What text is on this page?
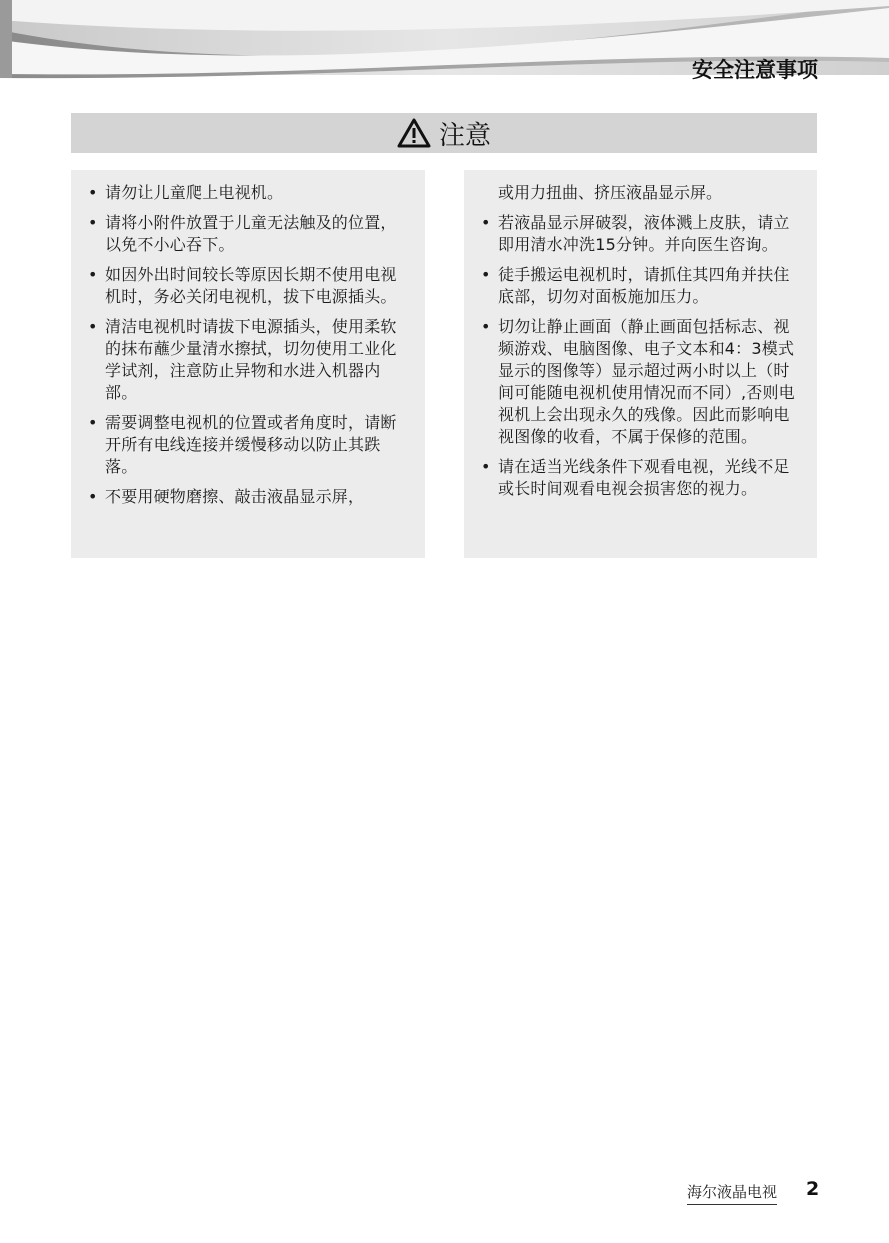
安全注意事项
注意
• 请勿让儿童爬上电视机。
• 请将小附件放置于儿童无法触及的位置，以免不小心吞下。
• 如因外出时间较长等原因长期不使用电视机时，务必关闭电视机，拔下电源插头。
• 清洁电视机时请拔下电源插头，使用柔软的抹布蘸少量清水擦拭，切勿使用工业化学试剂，注意防止异物和水进入机器内部。
• 需要调整电视机的位置或者角度时，请断开所有电线连接并缓慢移动以防止其跌落。
• 不要用硬物磨擦、敲击液晶显示屏，
或用力扭曲、挤压液晶显示屏。
• 若液晶显示屏破裂，液体溅上皮肤，请立即用清水冲洗15分钟。并向医生咨询。
• 徒手搬运电视机时，请抓住其四角并扶住底部，切勿对面板施加压力。
• 切勿让静止画面（静止画面包括标志、视频游戏、电脑图像、电子文本和4：3模式显示的图像等）显示超过两小时以上（时间可能随电视机使用情况而不同）,否则电视机上会出现永久的残像。因此而影响电视图像的收看，不属于保修的范围。
• 请在适当光线条件下观看电视，光线不足或长时间观看电视会损害您的视力。
海尔液晶电视 2
